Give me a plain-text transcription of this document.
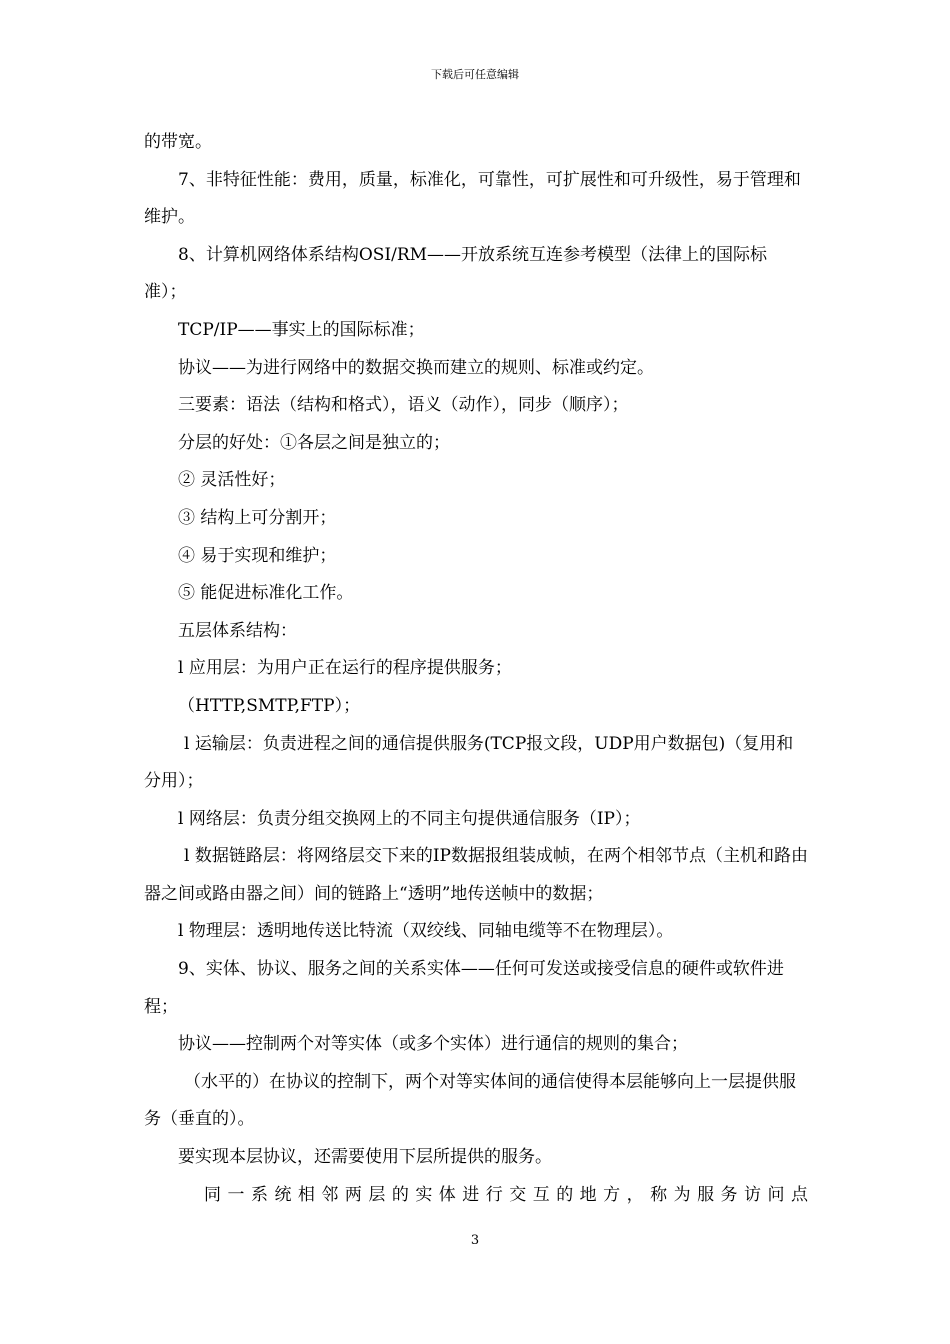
下载后可任意编辑

的带宽。

7、非特征性能：费用，质量，标准化，可靠性，可扩展性和可升级性，易于管理和维护。

8、计算机网络体系结构OSI/RM——开放系统互连参考模型（法律上的国际标准）；

TCP/IP——事实上的国际标准；

协议——为进行网络中的数据交换而建立的规则、标准或约定。

三要素：语法（结构和格式），语义（动作），同步（顺序）；

分层的好处：①各层之间是独立的；

② 灵活性好；

③ 结构上可分割开；

④ 易于实现和维护；

⑤ 能促进标准化工作。

五层体系结构：

l 应用层：为用户正在运行的程序提供服务；

（HTTP,SMTP,FTP）；

l 运输层：负责进程之间的通信提供服务(TCP报文段，UDP用户数据包)（复用和分用）；

l 网络层：负责分组交换网上的不同主句提供通信服务（IP）；

l 数据链路层：将网络层交下来的IP数据报组装成帧，在两个相邻节点（主机和路由器之间或路由器之间）间的链路上“透明”地传送帧中的数据；

l 物理层：透明地传送比特流（双绞线、同轴电缆等不在物理层）。

9、实体、协议、服务之间的关系实体——任何可发送或接受信息的硬件或软件进程；

协议——控制两个对等实体（或多个实体）进行通信的规则的集合；

（水平的）在协议的控制下，两个对等实体间的通信使得本层能够向上一层提供服务（垂直的）。

要实现本层协议，还需要使用下层所提供的服务。

同一系统相邻两层的实体进行交互的地方，称为服务访问点

3
